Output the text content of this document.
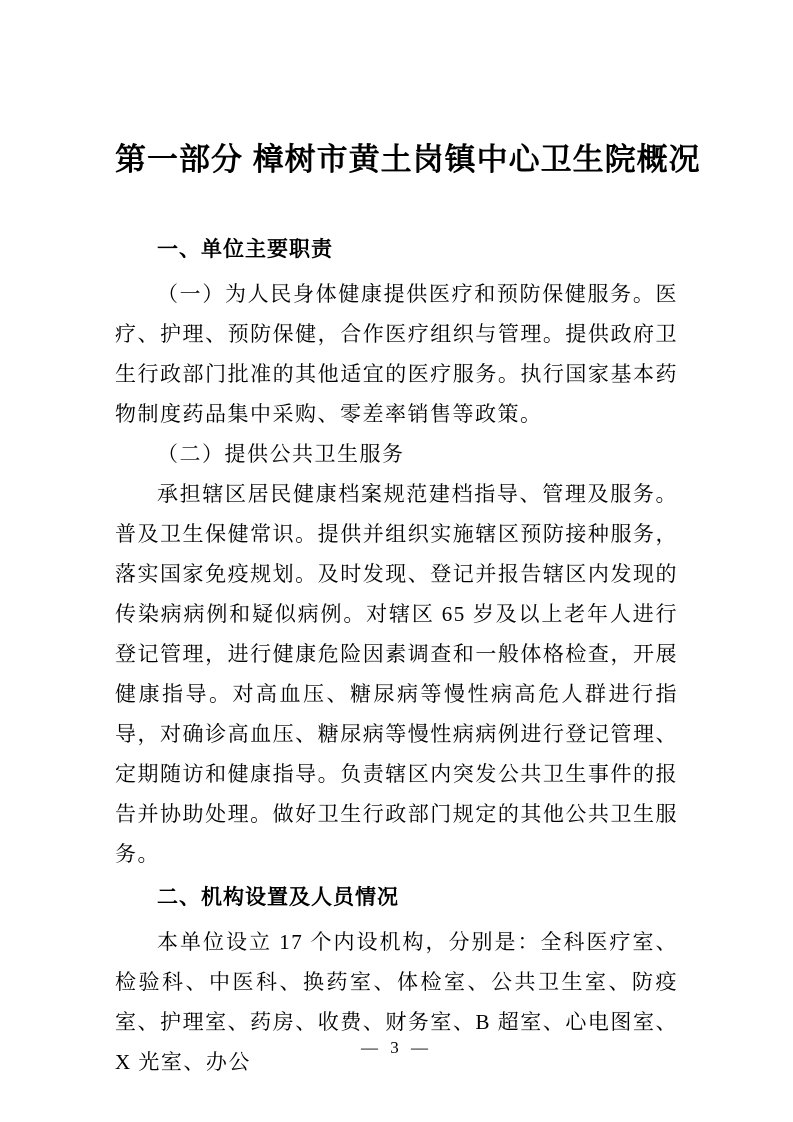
第一部分 樟树市黄土岗镇中心卫生院概况
一、单位主要职责

（一）为人民身体健康提供医疗和预防保健服务。医疗、护理、预防保健，合作医疗组织与管理。提供政府卫生行政部门批准的其他适宜的医疗服务。执行国家基本药物制度药品集中采购、零差率销售等政策。

（二）提供公共卫生服务

承担辖区居民健康档案规范建档指导、管理及服务。普及卫生保健常识。提供并组织实施辖区预防接种服务，落实国家免疫规划。及时发现、登记并报告辖区内发现的传染病病例和疑似病例。对辖区 65 岁及以上老年人进行登记管理，进行健康危险因素调查和一般体格检查，开展健康指导。对高血压、糖尿病等慢性病高危人群进行指导，对确诊高血压、糖尿病等慢性病病例进行登记管理、定期随访和健康指导。负责辖区内突发公共卫生事件的报告并协助处理。做好卫生行政部门规定的其他公共卫生服务。

二、机构设置及人员情况

本单位设立 17 个内设机构，分别是：全科医疗室、检验科、中医科、换药室、体检室、公共卫生室、防疫室、护理室、药房、收费、财务室、B 超室、心电图室、X 光室、办公

— 3 —
